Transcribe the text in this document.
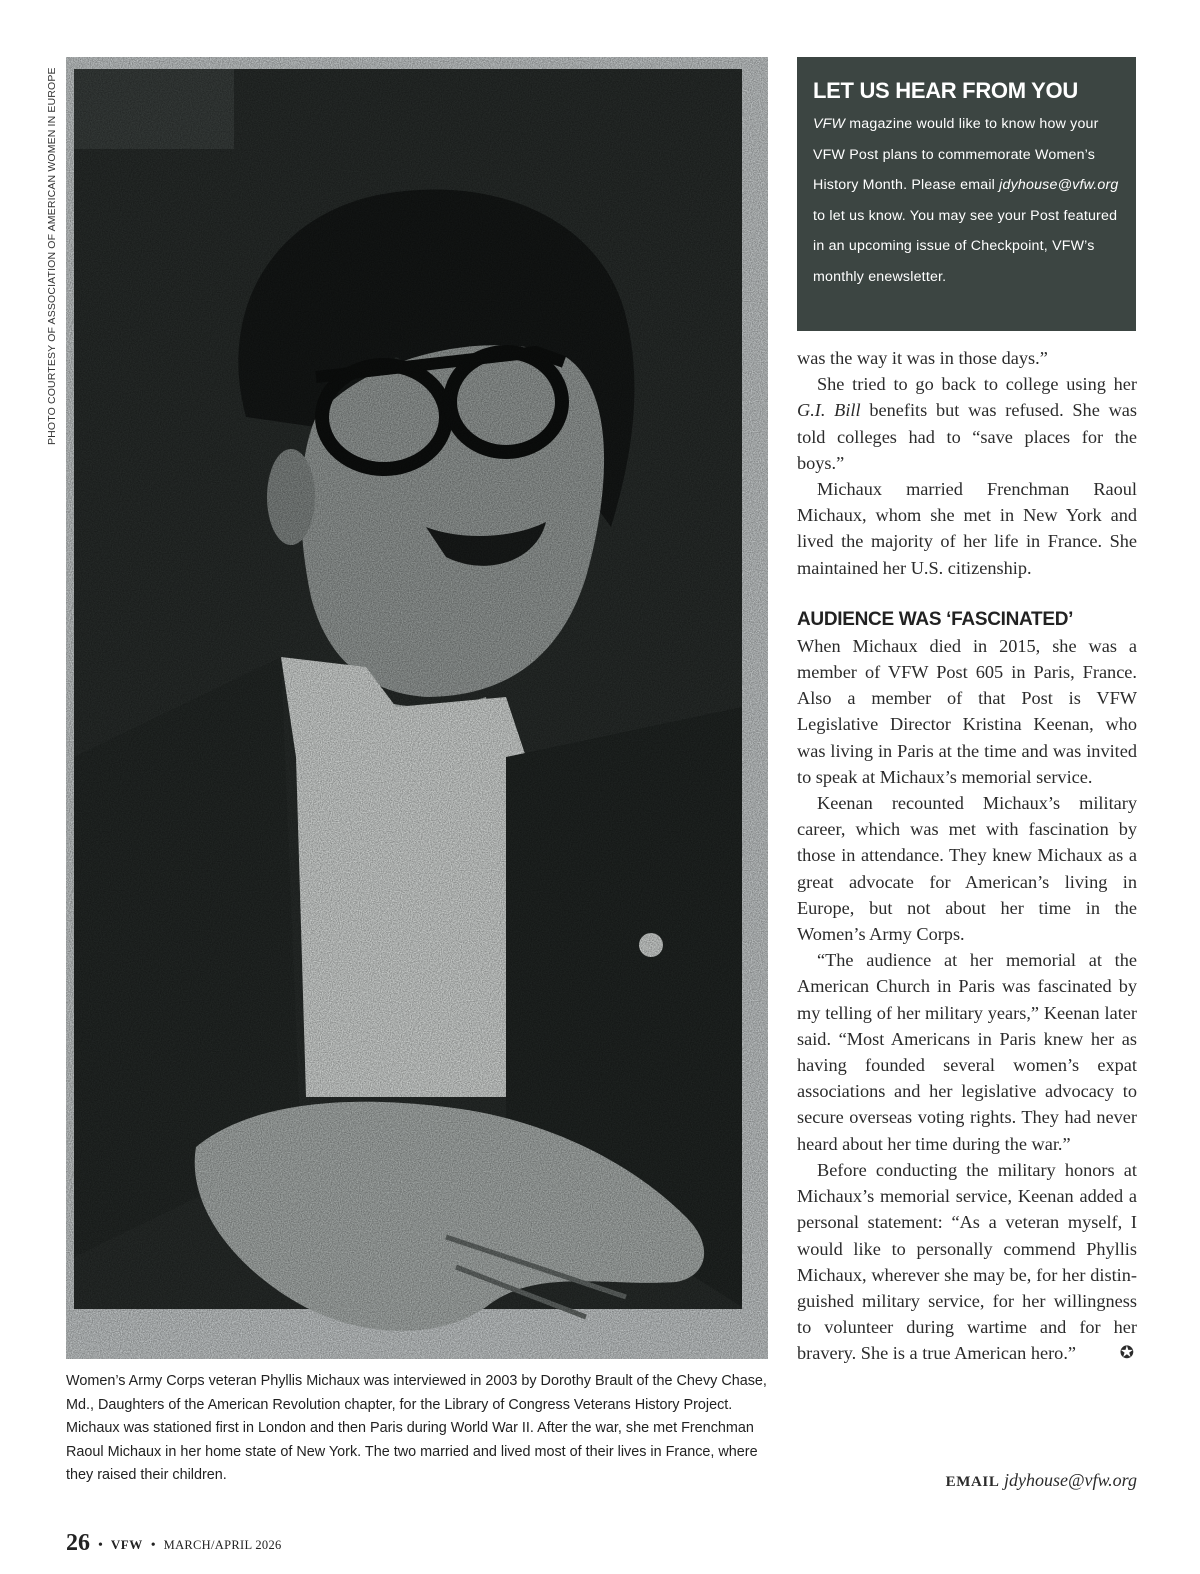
PHOTO COURTESY OF ASSOCIATION OF AMERICAN WOMEN IN EUROPE
Women’s Army Corps veteran Phyllis Michaux was interviewed in 2003 by Dorothy Brault of the Chevy Chase, Md., Daughters of the American Revolution chapter, for the Library of Congress Veterans History Project. Michaux was stationed first in London and then Paris during World War II. After the war, she met Frenchman Raoul Michaux in her home state of New York. The two married and lived most of their lives in France, where they raised their children.
26 • VFW • MARCH/APRIL 2026
LET US HEAR FROM YOU

VFW magazine would like to know how your VFW Post plans to commemorate Women’s History Month. Please email jdyhouse@vfw.org to let us know. You may see your Post featured in an upcoming issue of Checkpoint, VFW’s monthly enewsletter.

was the way it was in those days.”

She tried to go back to college using her G.I. Bill benefits but was refused. She was told colleges had to “save places for the boys.”

Michaux married Frenchman Raoul Michaux, whom she met in New York and lived the majority of her life in France. She maintained her U.S. citizenship.

AUDIENCE WAS ‘FASCINATED’

When Michaux died in 2015, she was a member of VFW Post 605 in Paris, France. Also a member of that Post is VFW Legislative Director Kristina Keenan, who was living in Paris at the time and was invited to speak at Michaux’s memorial service.

Keenan recounted Michaux’s military career, which was met with fascination by those in attendance. They knew Michaux as a great advocate for American’s living in Europe, but not about her time in the Women’s Army Corps.

“The audience at her memorial at the American Church in Paris was fascinated by my telling of her military years,” Keenan later said. “Most Americans in Paris knew her as having founded several women’s expat associations and her legislative advocacy to secure overseas voting rights. They had never heard about her time during the war.”

Before conducting the military honors at Michaux’s memorial service, Keenan added a personal statement: “As a veteran myself, I would like to personally commend Phyllis Michaux, wherever she may be, for her distinguished military service, for her willingness to volunteer during wartime and for her bravery. She is a true American hero.”	✪

EMAIL jdyhouse@vfw.org
